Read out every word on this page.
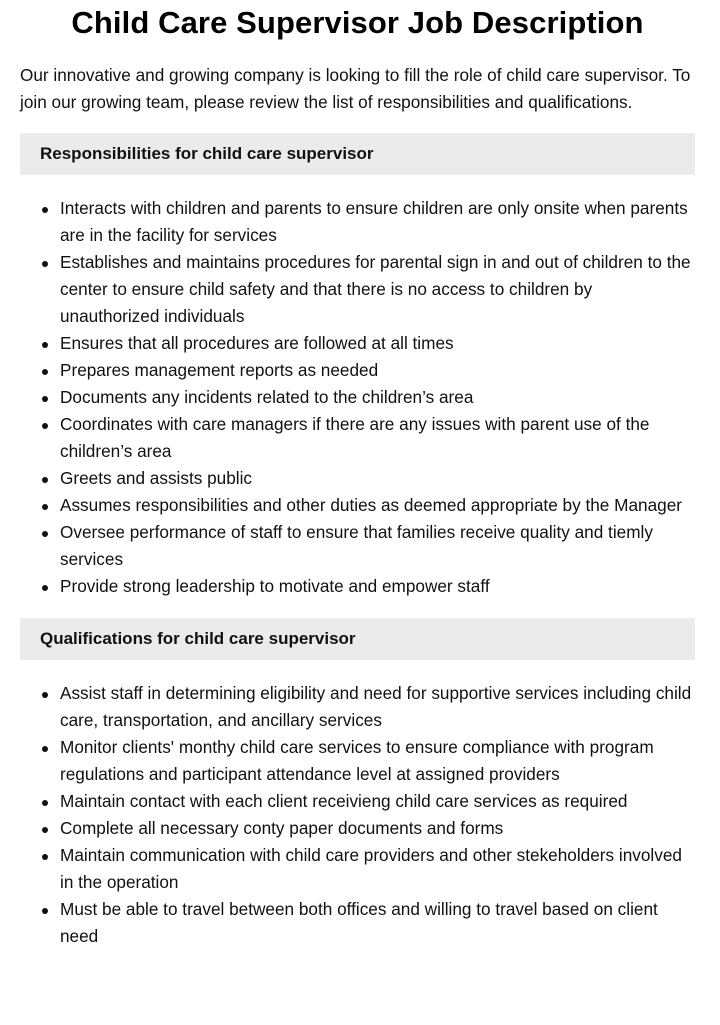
Child Care Supervisor Job Description

Our innovative and growing company is looking to fill the role of child care supervisor. To join our growing team, please review the list of responsibilities and qualifications.

Responsibilities for child care supervisor
Interacts with children and parents to ensure children are only onsite when parents are in the facility for services
Establishes and maintains procedures for parental sign in and out of children to the center to ensure child safety and that there is no access to children by unauthorized individuals
Ensures that all procedures are followed at all times
Prepares management reports as needed
Documents any incidents related to the children’s area
Coordinates with care managers if there are any issues with parent use of the children’s area
Greets and assists public
Assumes responsibilities and other duties as deemed appropriate by the Manager
Oversee performance of staff to ensure that families receive quality and tiemly services
Provide strong leadership to motivate and empower staff
Qualifications for child care supervisor
Assist staff in determining eligibility and need for supportive services including child care, transportation, and ancillary services
Monitor clients' monthy child care services to ensure compliance with program regulations and participant attendance level at assigned providers
Maintain contact with each client receivieng child care services as required
Complete all necessary conty paper documents and forms
Maintain communication with child care providers and other stekeholders involved in the operation
Must be able to travel between both offices and willing to travel based on client need
